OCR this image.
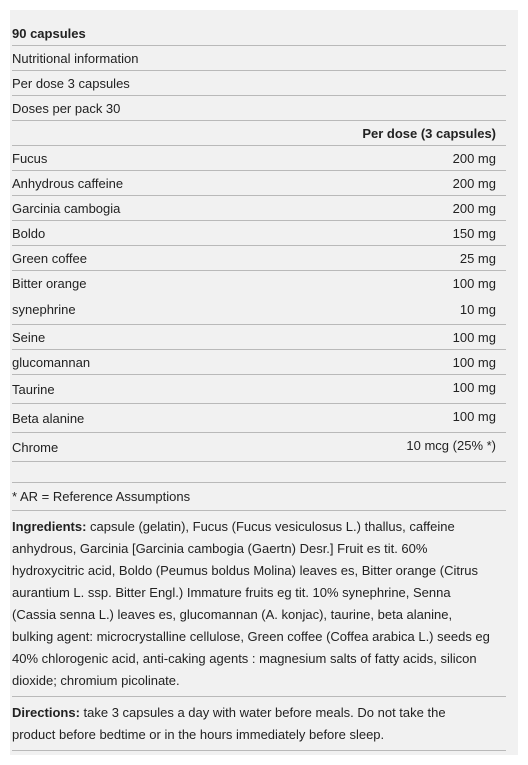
90 capsules
Nutritional information
Per dose 3 capsules
Doses per pack 30
Per dose (3 capsules)
Fucus	200 mg
Anhydrous caffeine	200 mg
Garcinia cambogia	200 mg
Boldo	150 mg
Green coffee	25 mg
Bitter orange	100 mg
synephrine	10 mg
Seine	100 mg
glucomannan	100 mg
Taurine	100 mg
Beta alanine	100 mg
Chrome	10 mcg (25% *)

* AR = Reference Assumptions

Ingredients: capsule (gelatin), Fucus (Fucus vesiculosus L.) thallus, caffeine anhydrous, Garcinia [Garcinia cambogia (Gaertn) Desr.] Fruit es tit. 60% hydroxycitric acid, Boldo (Peumus boldus Molina) leaves es, Bitter orange (Citrus aurantium L. ssp. Bitter Engl.) Immature fruits eg tit. 10% synephrine, Senna (Cassia senna L.) leaves es, glucomannan (A. konjac), taurine, beta alanine, bulking agent: microcrystalline cellulose, Green coffee (Coffea arabica L.) seeds eg 40% chlorogenic acid, anti-caking agents : magnesium salts of fatty acids, silicon dioxide; chromium picolinate.

Directions: take 3 capsules a day with water before meals. Do not take the product before bedtime or in the hours immediately before sleep.
